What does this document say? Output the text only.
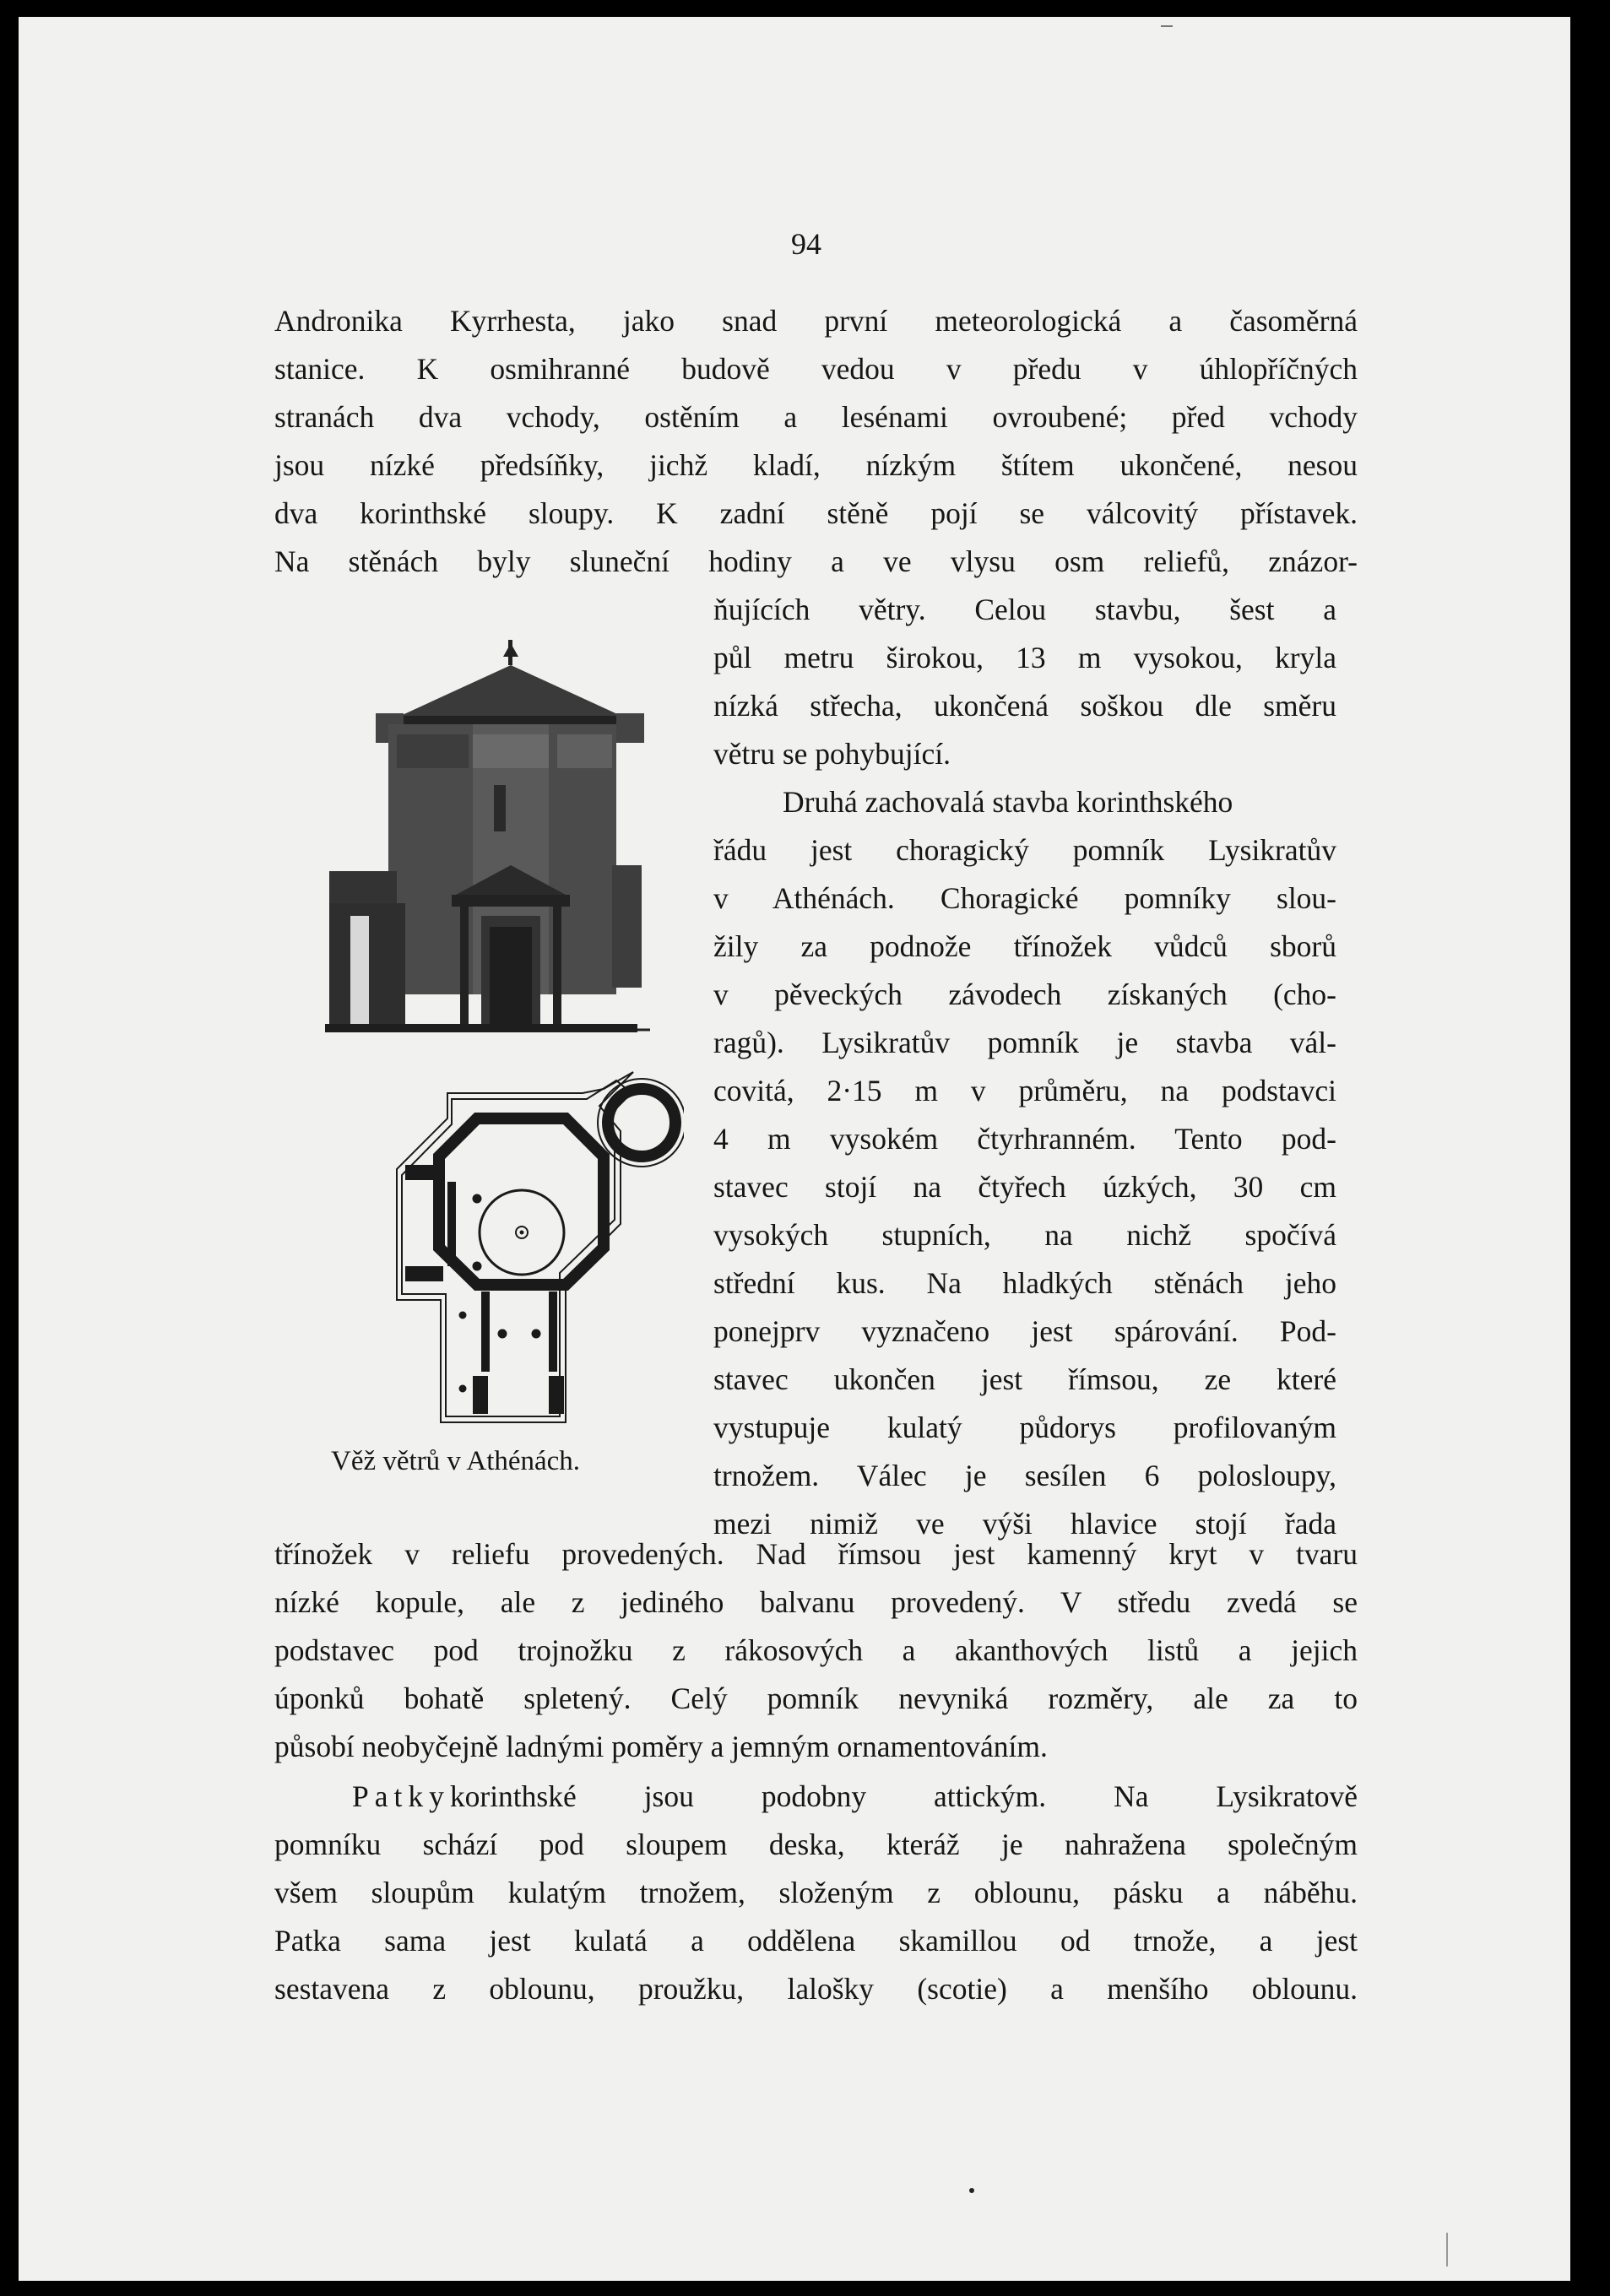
94
Andronika Kyrrhesta, jako snad první meteorologická a časoměrná
stanice. K osmihranné budově vedou v předu v úhlopříčných
stranách dva vchody, ostěním a lesénami ovroubené; před vchody
jsou nízké předsíňky, jichž kladí, nízkým štítem ukončené, nesou
dva korinthské sloupy. K zadní stěně pojí se válcovitý přístavek.
Na stěnách byly sluneční hodiny a ve vlysu osm reliefů, znázor-
Věž větrů v Athénách.
ňujících větry. Celou stavbu, šest a
půl metru širokou, 13 m vysokou, kryla
nízká střecha, ukončená soškou dle směru
větru se pohybující.
Druhá zachovalá stavba korinthského
řádu jest choragický pomník Lysikratův
v Athénách. Choragické pomníky slou-
žily za podnože třínožek vůdců sborů
v pěveckých závodech získaných (cho-
ragů). Lysikratův pomník je stavba vál-
covitá, 2·15 m v průměru, na podstavci
4 m vysokém čtyrhranném. Tento pod-
stavec stojí na čtyřech úzkých, 30 cm
vysokých stupních, na nichž spočívá
střední kus. Na hladkých stěnách jeho
ponejprv vyznačeno jest spárování. Pod-
stavec ukončen jest římsou, ze které
vystupuje kulatý půdorys profilovaným
trnožem. Válec je sesílen 6 polosloupy,
mezi nimiž ve výši hlavice stojí řada
třínožek v reliefu provedených. Nad římsou jest kamenný kryt v tvaru
nízké kopule, ale z jediného balvanu provedený. V středu zvedá se
podstavec pod trojnožku z rákosových a akanthových listů a jejich
úponků bohatě spletený. Celý pomník nevyniká rozměry, ale za to
působí neobyčejně ladnými poměry a jemným ornamentováním.
Patky korinthské jsou podobny attickým. Na Lysikratově
pomníku schází pod sloupem deska, kteráž je nahražena společným
všem sloupům kulatým trnožem, složeným z oblounu, pásku a náběhu.
Patka sama jest kulatá a oddělena skamillou od trnože, a jest
sestavena z oblounu, proužku, lalošky (scotie) a menšího oblounu.
